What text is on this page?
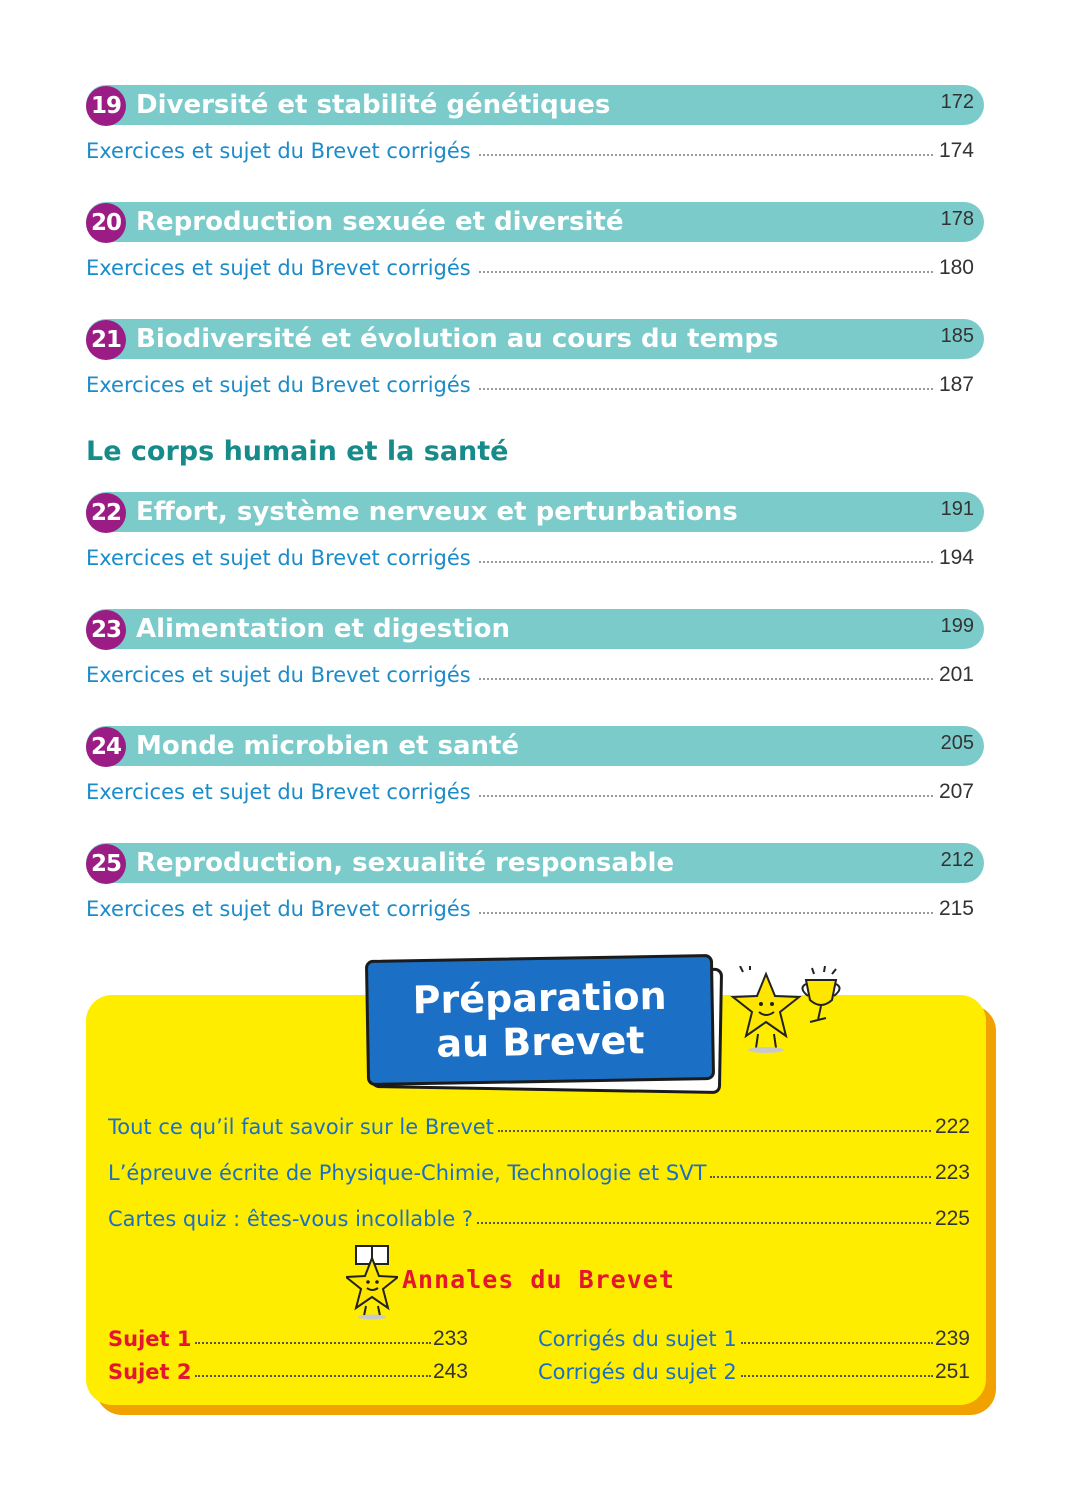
19 Diversité et stabilité génétiques	172
Exercices et sujet du Brevet corrigés	174
20 Reproduction sexuée et diversité	178
Exercices et sujet du Brevet corrigés	180
21 Biodiversité et évolution au cours du temps	185
Exercices et sujet du Brevet corrigés	187
Le corps humain et la santé
22 Effort, système nerveux et perturbations	191
Exercices et sujet du Brevet corrigés	194
23 Alimentation et digestion	199
Exercices et sujet du Brevet corrigés	201
24 Monde microbien et santé	205
Exercices et sujet du Brevet corrigés	207
25 Reproduction, sexualité responsable	212
Exercices et sujet du Brevet corrigés	215
Préparation
au Brevet
Tout ce qu’il faut savoir sur le Brevet	222
L’épreuve écrite de Physique-Chimie, Technologie et SVT	223
Cartes quiz : êtes-vous incollable ?	225
Annales du Brevet
Sujet 1	233
Sujet 2	243
Corrigés du sujet 1	239
Corrigés du sujet 2	251
